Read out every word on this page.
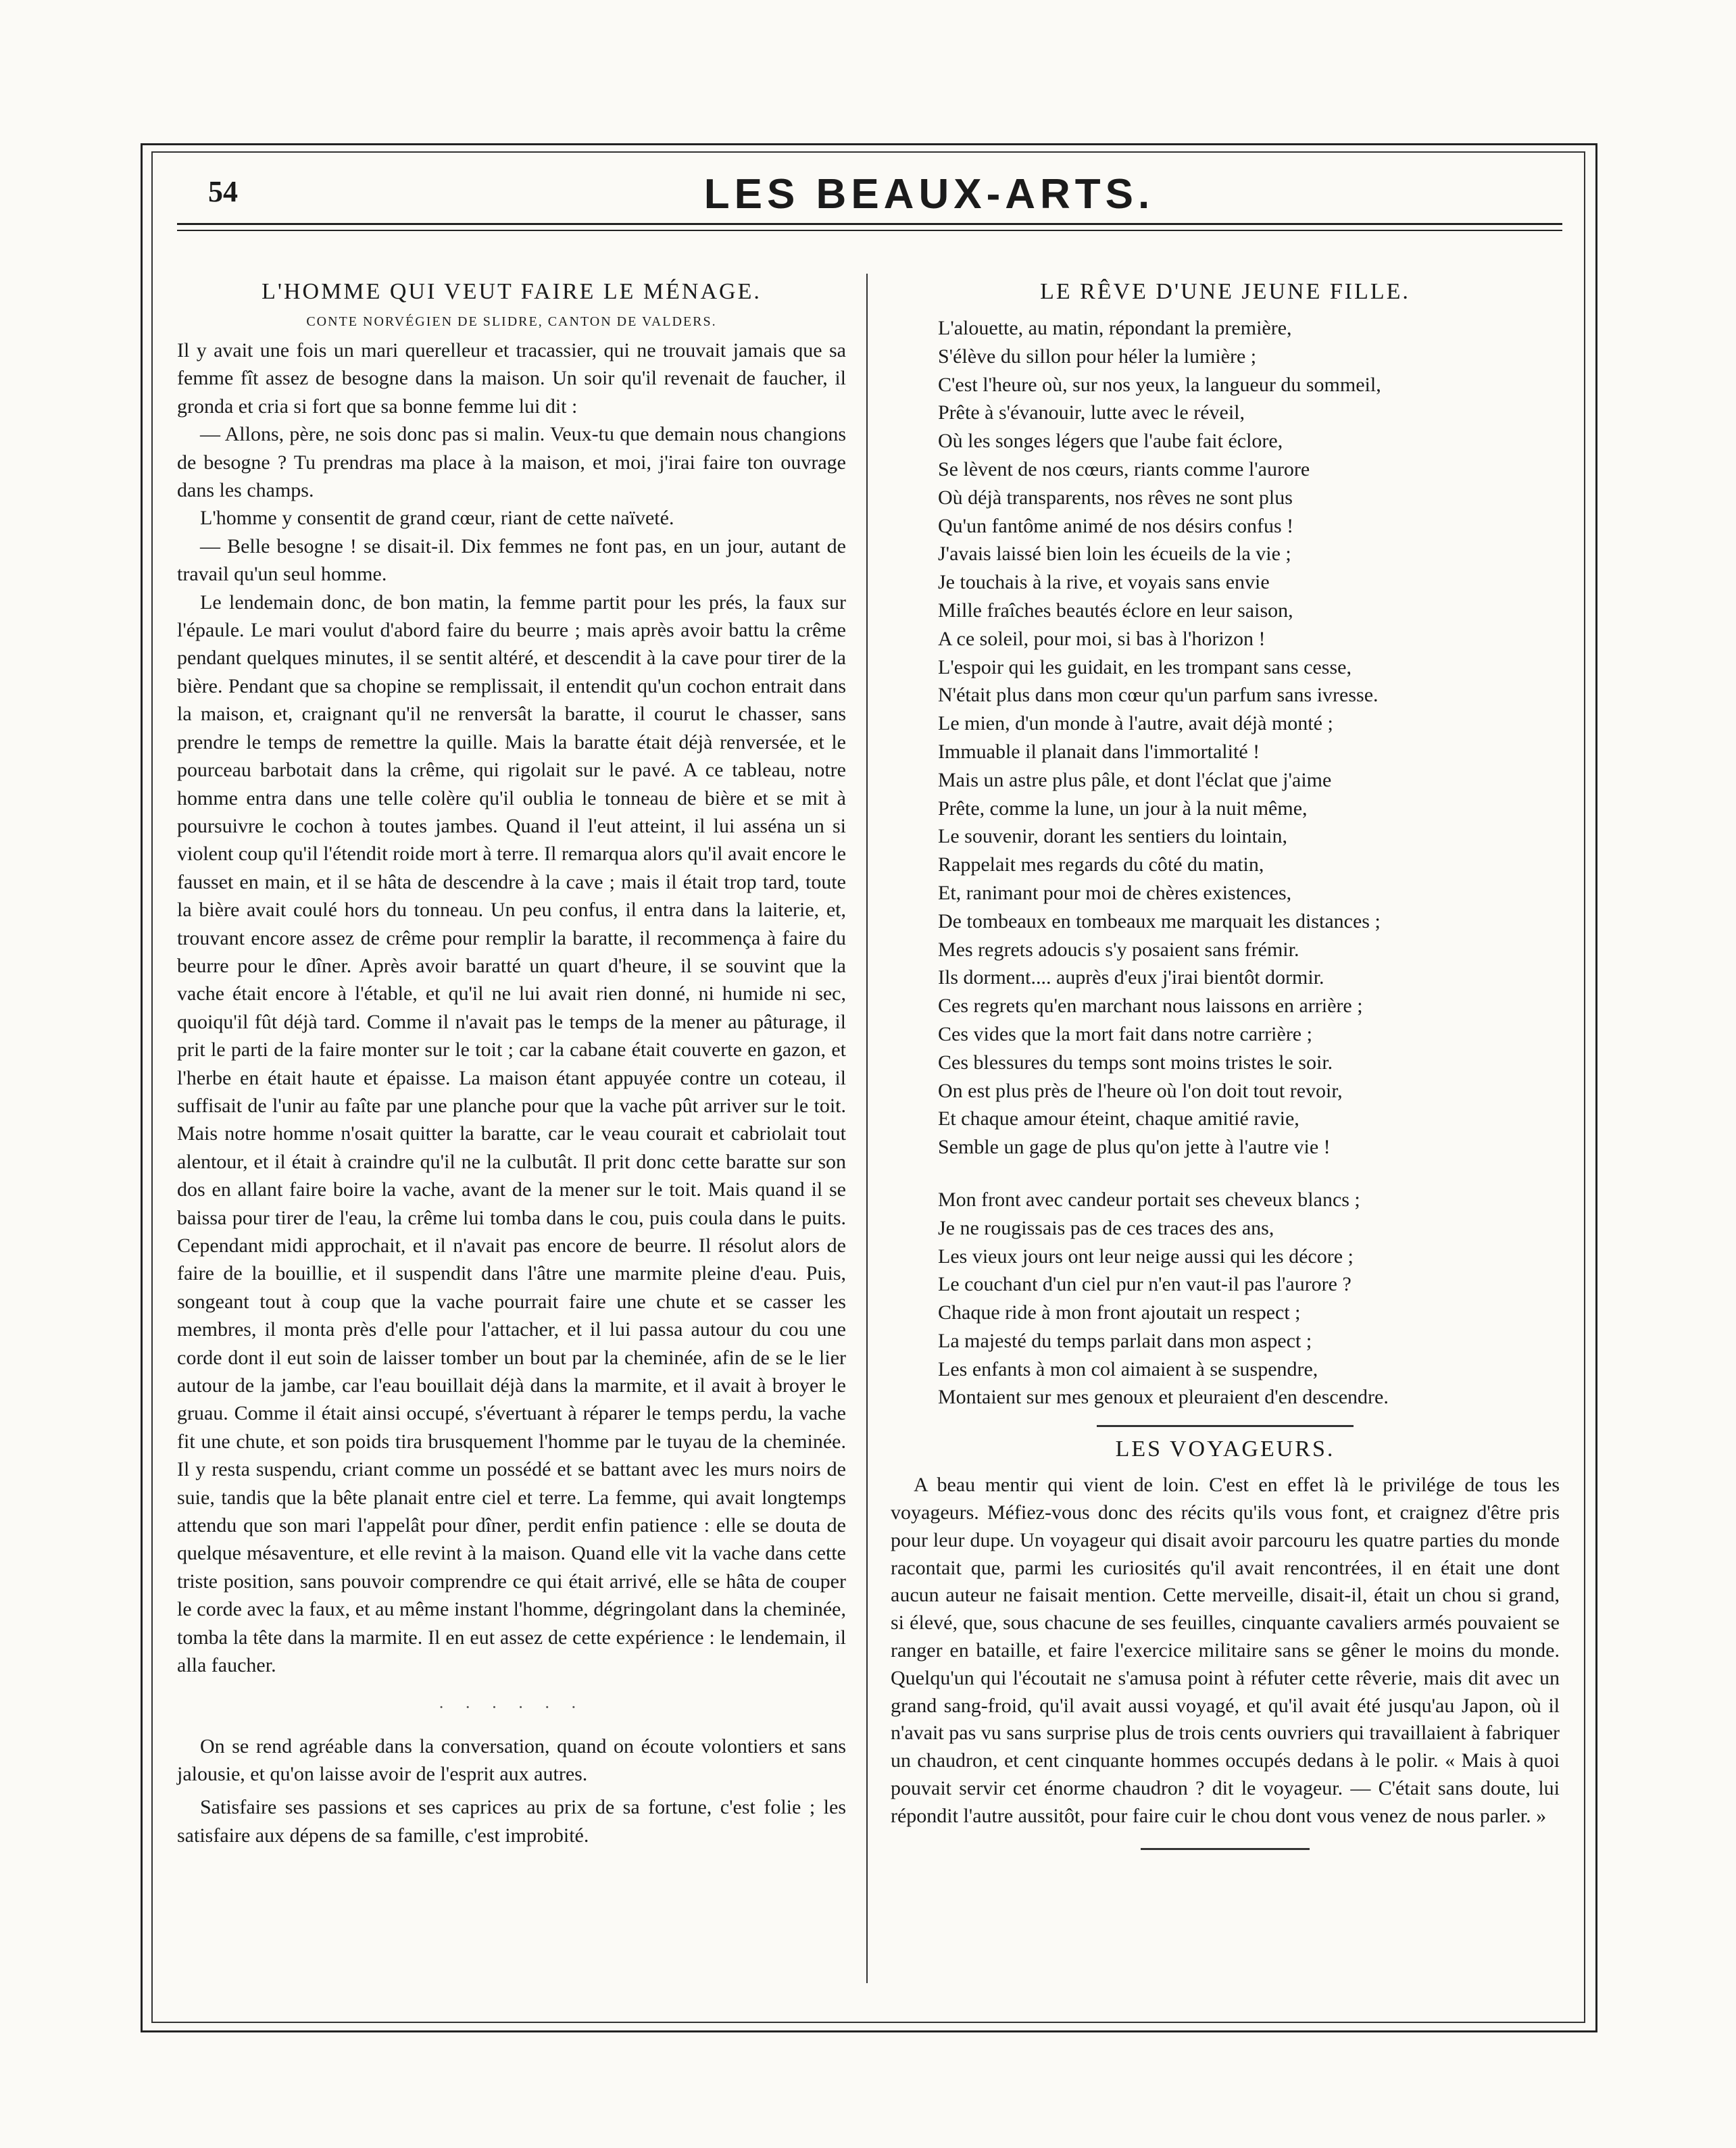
54	LES BEAUX-ARTS.
L'HOMME QUI VEUT FAIRE LE MÉNAGE.
CONTE NORVÉGIEN DE SLIDRE, CANTON DE VALDERS.

Il y avait une fois un mari querelleur et tracassier, qui ne trouvait jamais que sa femme fît assez de besogne dans la maison. Un soir qu'il revenait de faucher, il gronda et cria si fort que sa bonne femme lui dit :

— Allons, père, ne sois donc pas si malin. Veux-tu que demain nous changions de besogne ? Tu prendras ma place à la maison, et moi, j'irai faire ton ouvrage dans les champs.

L'homme y consentit de grand cœur, riant de cette naïveté.

— Belle besogne ! se disait-il. Dix femmes ne font pas, en un jour, autant de travail qu'un seul homme.

Le lendemain donc, de bon matin, la femme partit pour les prés, la faux sur l'épaule. Le mari voulut d'abord faire du beurre ; mais après avoir battu la crême pendant quelques minutes, il se sentit altéré, et descendit à la cave pour tirer de la bière. Pendant que sa chopine se remplissait, il entendit qu'un cochon entrait dans la maison, et, craignant qu'il ne renversât la baratte, il courut le chasser, sans prendre le temps de remettre la quille. Mais la baratte était déjà renversée, et le pourceau barbotait dans la crême, qui rigolait sur le pavé. A ce tableau, notre homme entra dans une telle colère qu'il oublia le tonneau de bière et se mit à poursuivre le cochon à toutes jambes. Quand il l'eut atteint, il lui asséna un si violent coup qu'il l'étendit roide mort à terre. Il remarqua alors qu'il avait encore le fausset en main, et il se hâta de descendre à la cave ; mais il était trop tard, toute la bière avait coulé hors du tonneau. Un peu confus, il entra dans la laiterie, et, trouvant encore assez de crême pour remplir la baratte, il recommença à faire du beurre pour le dîner. Après avoir baratté un quart d'heure, il se souvint que la vache était encore à l'étable, et qu'il ne lui avait rien donné, ni humide ni sec, quoiqu'il fût déjà tard. Comme il n'avait pas le temps de la mener au pâturage, il prit le parti de la faire monter sur le toit ; car la cabane était couverte en gazon, et l'herbe en était haute et épaisse. La maison étant appuyée contre un coteau, il suffisait de l'unir au faîte par une planche pour que la vache pût arriver sur le toit. Mais notre homme n'osait quitter la baratte, car le veau courait et cabriolait tout alentour, et il était à craindre qu'il ne la culbutât. Il prit donc cette baratte sur son dos en allant faire boire la vache, avant de la mener sur le toit. Mais quand il se baissa pour tirer de l'eau, la crême lui tomba dans le cou, puis coula dans le puits. Cependant midi approchait, et il n'avait pas encore de beurre. Il résolut alors de faire de la bouillie, et il suspendit dans l'âtre une marmite pleine d'eau. Puis, songeant tout à coup que la vache pourrait faire une chute et se casser les membres, il monta près d'elle pour l'attacher, et il lui passa autour du cou une corde dont il eut soin de laisser tomber un bout par la cheminée, afin de se le lier autour de la jambe, car l'eau bouillait déjà dans la marmite, et il avait à broyer le gruau. Comme il était ainsi occupé, s'évertuant à réparer le temps perdu, la vache fit une chute, et son poids tira brusquement l'homme par le tuyau de la cheminée. Il y resta suspendu, criant comme un possédé et se battant avec les murs noirs de suie, tandis que la bête planait entre ciel et terre. La femme, qui avait longtemps attendu que son mari l'appelât pour dîner, perdit enfin patience : elle se douta de quelque mésaventure, et elle revint à la maison. Quand elle vit la vache dans cette triste position, sans pouvoir comprendre ce qui était arrivé, elle se hâta de couper le corde avec la faux, et au même instant l'homme, dégringolant dans la cheminée, tomba la tête dans la marmite. Il en eut assez de cette expérience : le lendemain, il alla faucher.

· · · · · ·

On se rend agréable dans la conversation, quand on écoute volontiers et sans jalousie, et qu'on laisse avoir de l'esprit aux autres.

Satisfaire ses passions et ses caprices au prix de sa fortune, c'est folie ; les satisfaire aux dépens de sa famille, c'est improbité.

LE RÊVE D'UNE JEUNE FILLE.
L'alouette, au matin, répondant la première,
S'élève du sillon pour héler la lumière ;
C'est l'heure où, sur nos yeux, la langueur du sommeil,
Prête à s'évanouir, lutte avec le réveil,
Où les songes légers que l'aube fait éclore,
Se lèvent de nos cœurs, riants comme l'aurore
Où déjà transparents, nos rêves ne sont plus
Qu'un fantôme animé de nos désirs confus !
J'avais laissé bien loin les écueils de la vie ;
Je touchais à la rive, et voyais sans envie
Mille fraîches beautés éclore en leur saison,
A ce soleil, pour moi, si bas à l'horizon !
L'espoir qui les guidait, en les trompant sans cesse,
N'était plus dans mon cœur qu'un parfum sans ivresse.
Le mien, d'un monde à l'autre, avait déjà monté ;
Immuable il planait dans l'immortalité !
Mais un astre plus pâle, et dont l'éclat que j'aime
Prête, comme la lune, un jour à la nuit même,
Le souvenir, dorant les sentiers du lointain,
Rappelait mes regards du côté du matin,
Et, ranimant pour moi de chères existences,
De tombeaux en tombeaux me marquait les distances ;
Mes regrets adoucis s'y posaient sans frémir.
Ils dorment.... auprès d'eux j'irai bientôt dormir.
Ces regrets qu'en marchant nous laissons en arrière ;
Ces vides que la mort fait dans notre carrière ;
Ces blessures du temps sont moins tristes le soir.
On est plus près de l'heure où l'on doit tout revoir,
Et chaque amour éteint, chaque amitié ravie,
Semble un gage de plus qu'on jette à l'autre vie !
Mon front avec candeur portait ses cheveux blancs ;
Je ne rougissais pas de ces traces des ans,
Les vieux jours ont leur neige aussi qui les décore ;
Le couchant d'un ciel pur n'en vaut-il pas l'aurore ?
Chaque ride à mon front ajoutait un respect ;
La majesté du temps parlait dans mon aspect ;
Les enfants à mon col aimaient à se suspendre,
Montaient sur mes genoux et pleuraient d'en descendre.
LES VOYAGEURS.

A beau mentir qui vient de loin. C'est en effet là le privilége de tous les voyageurs. Méfiez-vous donc des récits qu'ils vous font, et craignez d'être pris pour leur dupe. Un voyageur qui disait avoir parcouru les quatre parties du monde racontait que, parmi les curiosités qu'il avait rencontrées, il en était une dont aucun auteur ne faisait mention. Cette merveille, disait-il, était un chou si grand, si élevé, que, sous chacune de ses feuilles, cinquante cavaliers armés pouvaient se ranger en bataille, et faire l'exercice militaire sans se gêner le moins du monde. Quelqu'un qui l'écoutait ne s'amusa point à réfuter cette rêverie, mais dit avec un grand sang-froid, qu'il avait aussi voyagé, et qu'il avait été jusqu'au Japon, où il n'avait pas vu sans surprise plus de trois cents ouvriers qui travaillaient à fabriquer un chaudron, et cent cinquante hommes occupés dedans à le polir. « Mais à quoi pouvait servir cet énorme chaudron ? dit le voyageur. — C'était sans doute, lui répondit l'autre aussitôt, pour faire cuir le chou dont vous venez de nous parler. »
